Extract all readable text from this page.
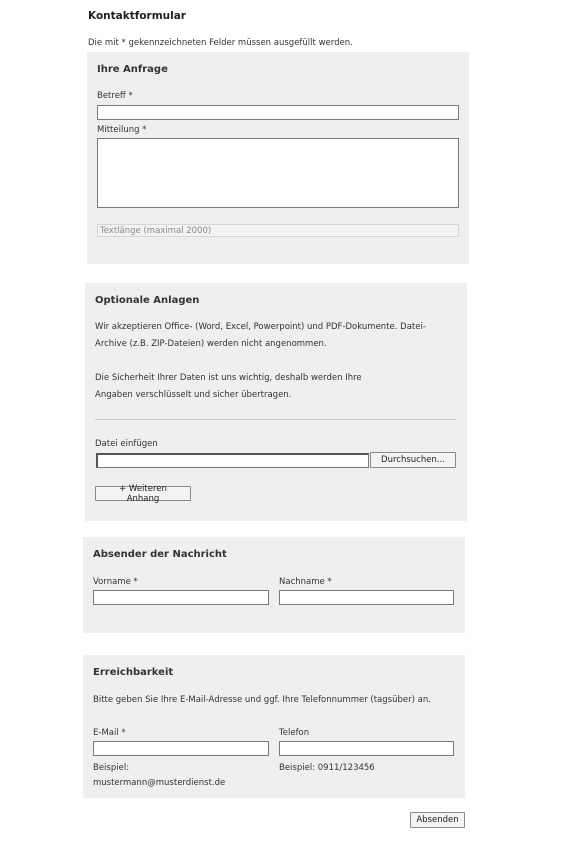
Kontaktformular
Die mit * gekennzeichneten Felder müssen ausgefüllt werden.
Ihre Anfrage
Betreff *
Mitteilung *
Textlänge (maximal 2000)
Optionale Anlagen
Wir akzeptieren Office- (Word, Excel, Powerpoint) und PDF-Dokumente. Datei-Archive (z.B. ZIP-Dateien) werden nicht angenommen.
Die Sicherheit Ihrer Daten ist uns wichtig, deshalb werden Ihre Angaben verschlüsselt und sicher übertragen.
Datei einfügen
Durchsuchen...
+ Weiteren Anhang
Absender der Nachricht
Vorname *	Nachname *
Erreichbarkeit
Bitte geben Sie Ihre E-Mail-Adresse und ggf. Ihre Telefonnummer (tagsüber) an.
E-Mail *	Telefon
Beispiel:
mustermann@musterdienst.de
Beispiel: 0911/123456
Absenden
